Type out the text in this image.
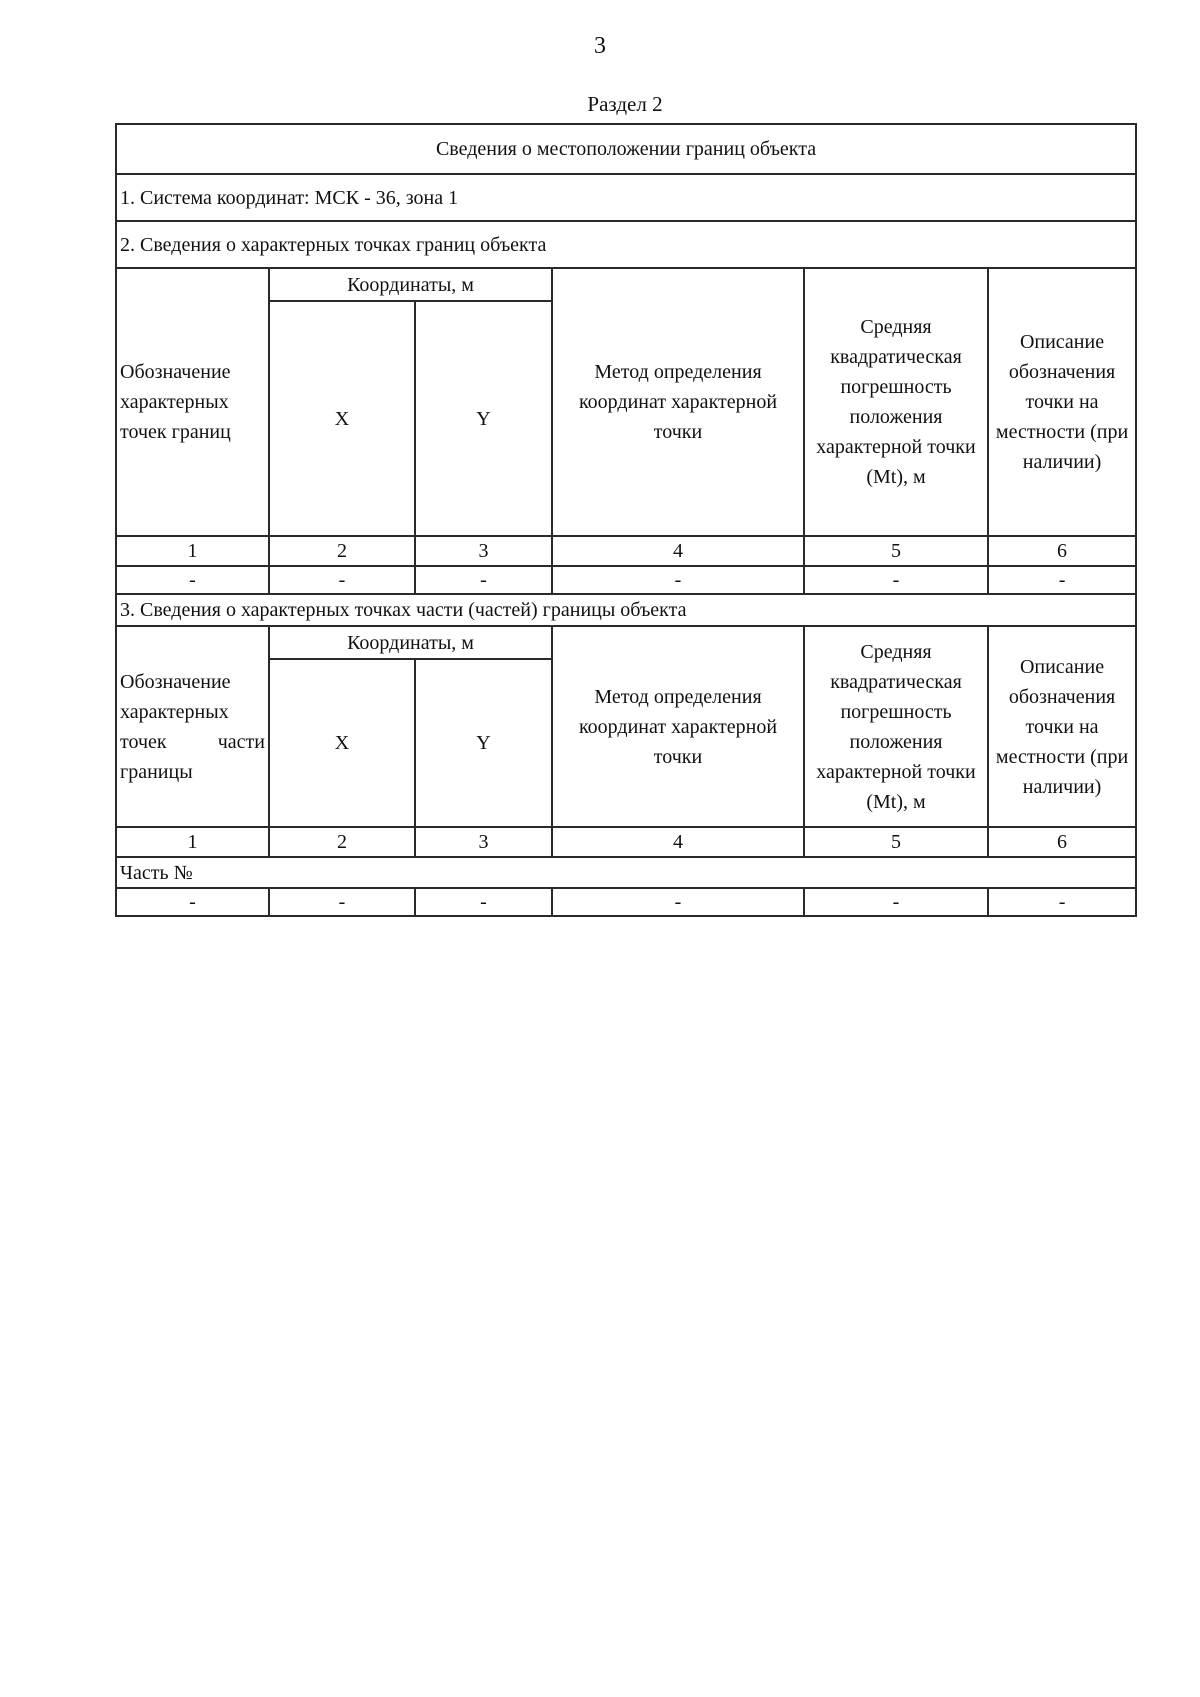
3
Раздел 2
Сведения о местоположении границ объекта					
1. Система координат: МСК - 36, зона 1					
2. Сведения о характерных точках границ объекта					
Обозначение характерных точек границ	Координаты, м		Метод определения координат характерной точки	Средняя квадратическая погрешность положения характерной точки (Mt), м	Описание обозначения точки на местности (при наличии)
	X	Y			
1	2	3	4	5	6
-	-	-	-	-	-
3. Сведения о характерных точках части (частей) границы объекта					

Обозначение
характерных
точек части
границы	Координаты, м		Метод определения координат характерной точки	Средняя квадратическая погрешность положения характерной точки (Mt), м	Описание обозначения точки на местности (при наличии)
	X	Y			
1	2	3	4	5	6
Часть №					
-	-	-	-	-	-
